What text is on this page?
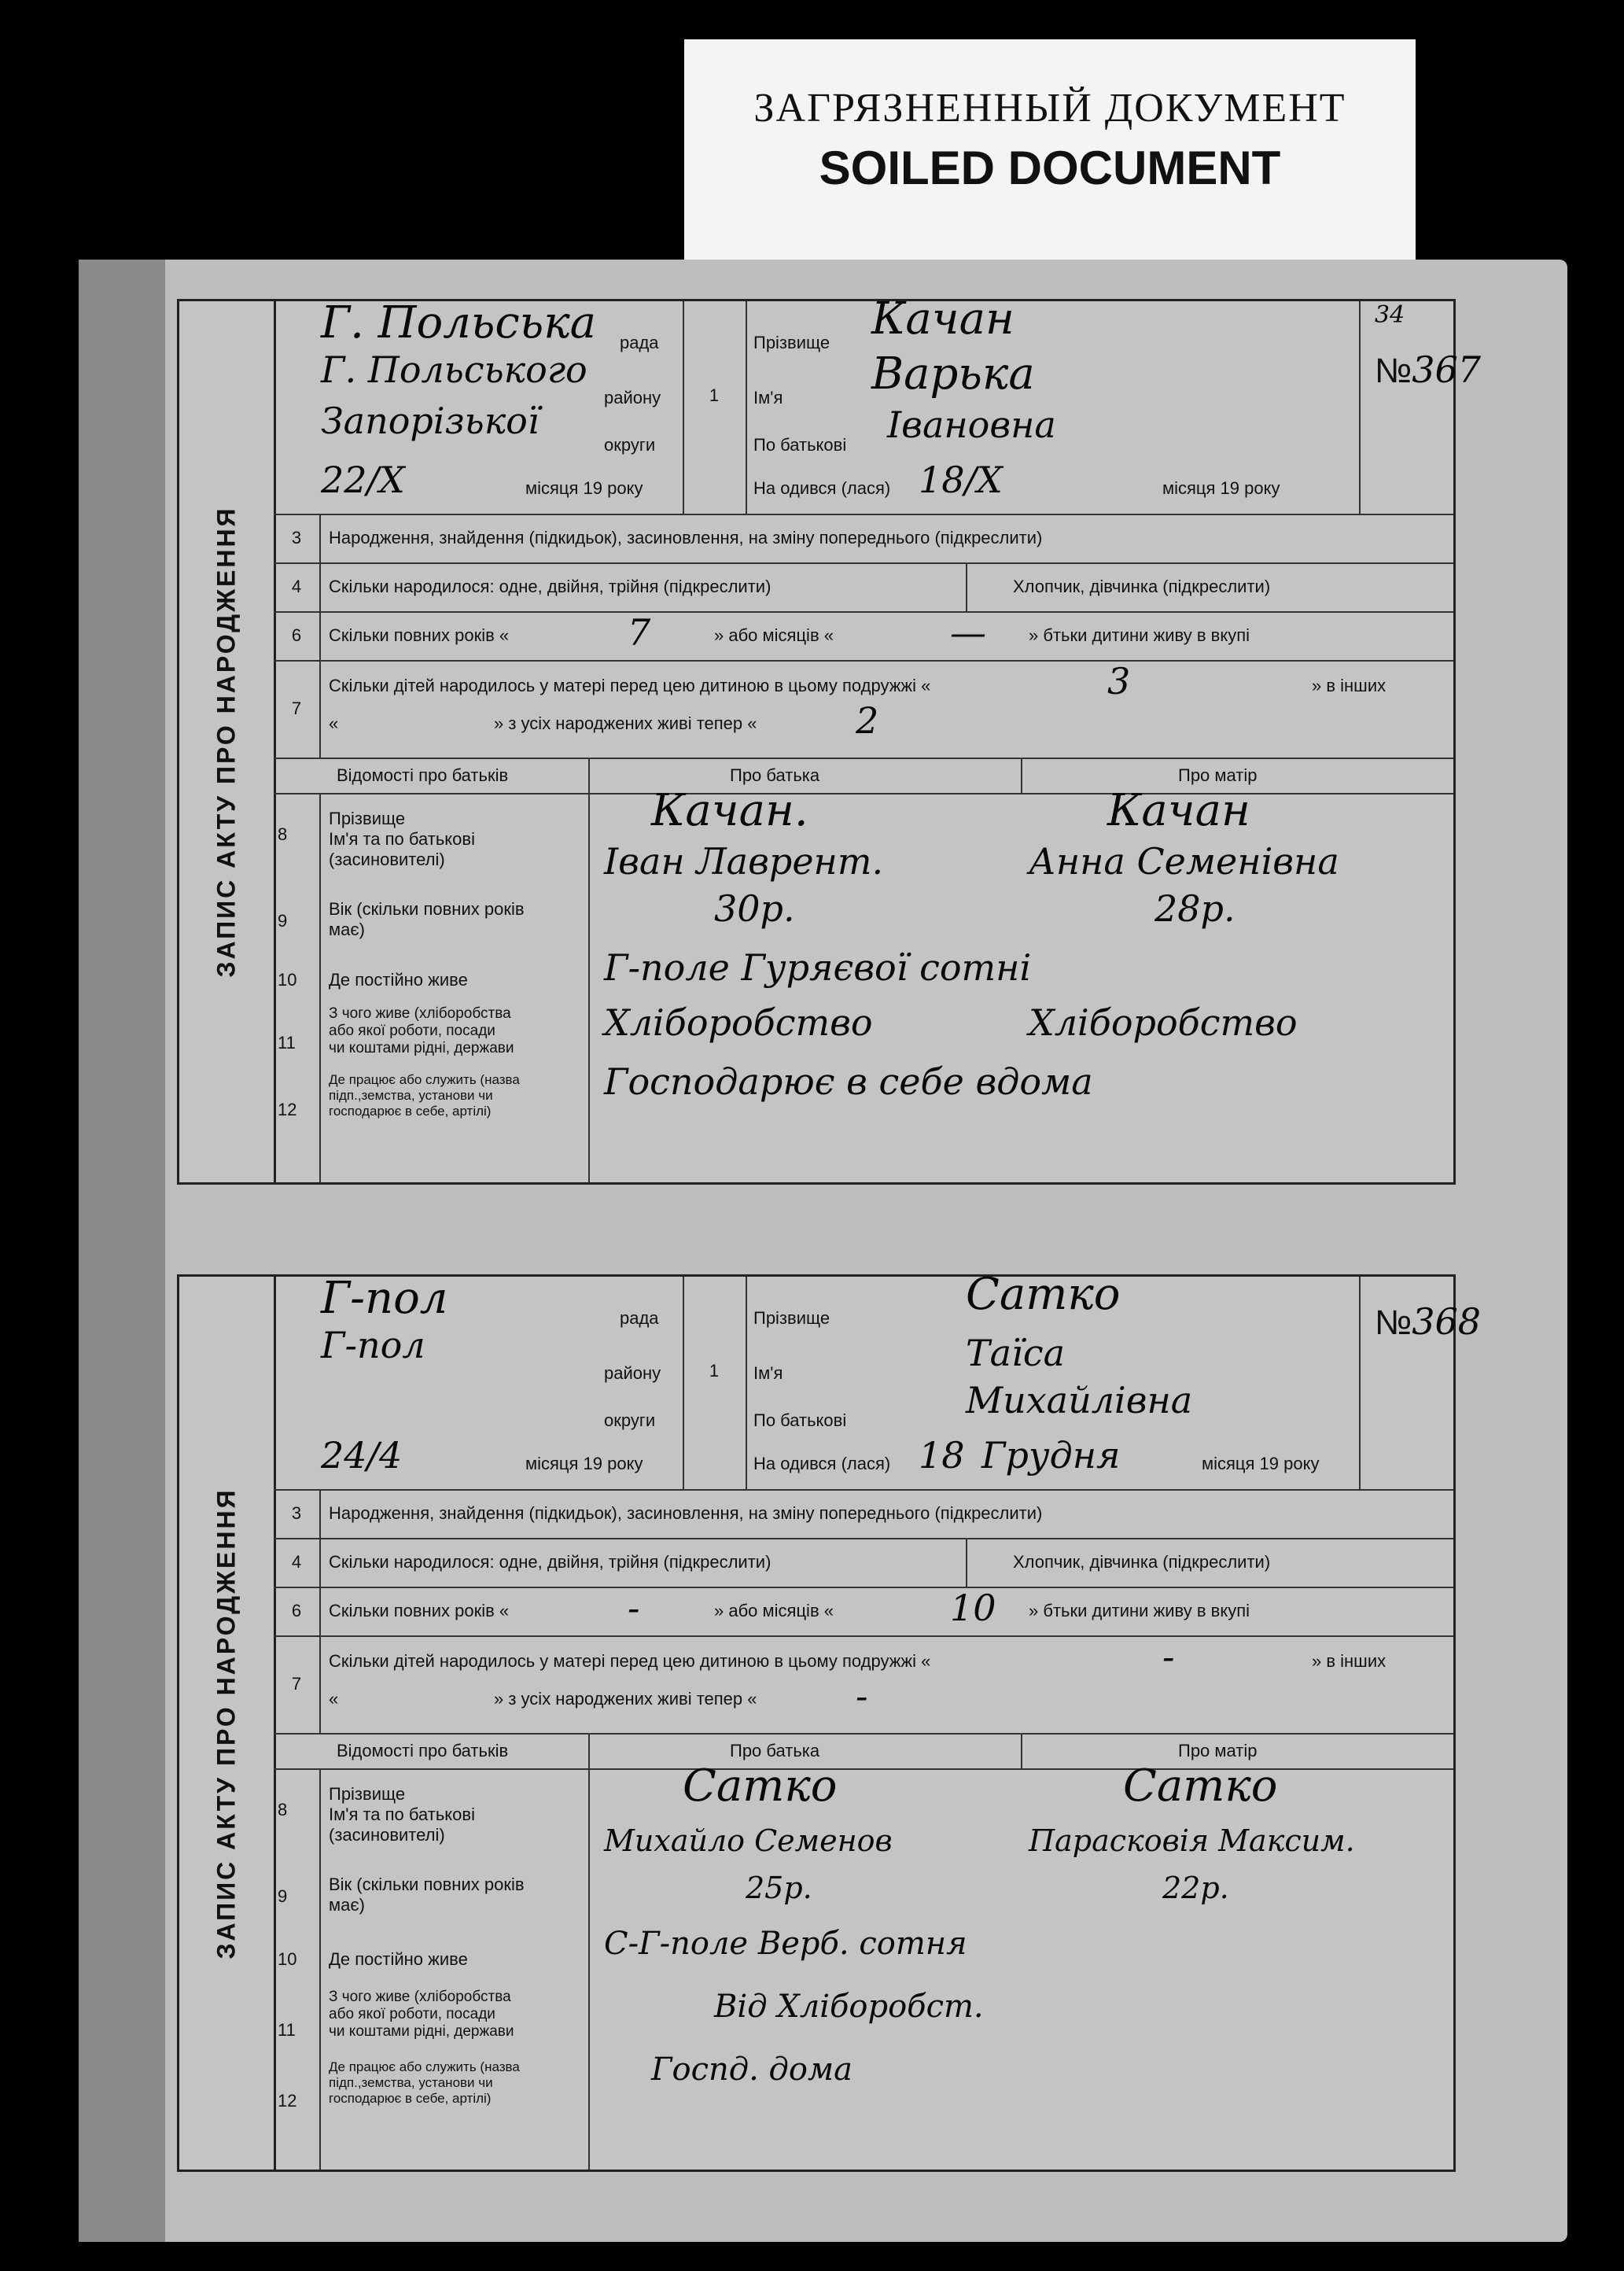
ЗАГРЯЗНЕННЫЙ ДОКУМЕНТ
SOILED DOCUMENT
ЗАПИС АКТУ ПРО НАРОДЖЕННЯ
Г. Польська рада
Г. Польського
рaйону
Запорізької
округи
1
Прізвище Качан
Ім'я Варька
По батькові Івановна
№367
34
22/Х	місяця 19 року	На одився (лася) 18/Х	місяця 19 року
3	Народження, знайдення (підкидьок), засиновлення, на зміну попереднього (підкреслити)
4	Скільки народилося: одне, двійня, трійня (підкреслити)	Хлопчик, дівчинка (підкреслити)
6	Скільки повних років «	7	» або місяців «	— » бтьки дитини живу в вкупі
7
Скільки дітей народилось у матері перед цею дитиною в цьому подружжі «	3	» в інших
«	» з усіх народжених живі тепер «	2
Відомості про батьків	Про батька	Про матір
8
Прізвище
Ім'я та по батькові
(засиновителі)
Качан.	Качан
Іван Лаврент.	Анна Семенівна
9
Вік (скільки повних років
має)	30р.	28р.
10 Де постійно живе	Г-поле Гуряєвої сотні
11
З чого живе (хліборобства
або якої роботи, посади
чи коштами рідні, держави
Хліборобство	Хліборобство
12
Де працює або служить (назва
підп.,земства, установи чи
господарює в себе, артілі)
Господарює в себе вдома
ЗАПИС АКТУ ПРО НАРОДЖЕННЯ
Г-пол	рада
Г-пол
рaйону
округи
1
Прізвище	Сатко
Ім'я	Таїса
По батькові	Михайлівна
№368
24/4	місяця 19 року	На одився (лася) 18 Грудня	місяця 19 року
3	Народження, знайдення (підкидьок), засиновлення, на зміну попереднього (підкреслити)
4	Скільки народилося: одне, двійня, трійня (підкреслити)	Хлопчик, дівчинка (підкреслити)
6	Скільки повних років «	-	» або місяців «	10 » бтьки дитини живу в вкупі
7
Скільки дітей народилось у матері перед цею дитиною в цьому подружжі «	-	» в інших
«	» з усіх народжених живі тепер «	-
Відомості про батьків	Про батька	Про матір
8
Прізвище
Ім'я та по батькові
(засиновителі)
Сатко	Сатко
Михайло Семенов	Парасковія Максим.
9
Вік (скільки повних років
має)	25р.	22р.
10 Де постійно живе	С-Г-поле Верб. сотня
11
З чого живе (хліборобства
або якої роботи, посади
чи коштами рідні, держави
Від Хліборобст.
12
Де працює або служить (назва
підп.,земства, установи чи
господарює в себе, артілі)
Госпд. дома
